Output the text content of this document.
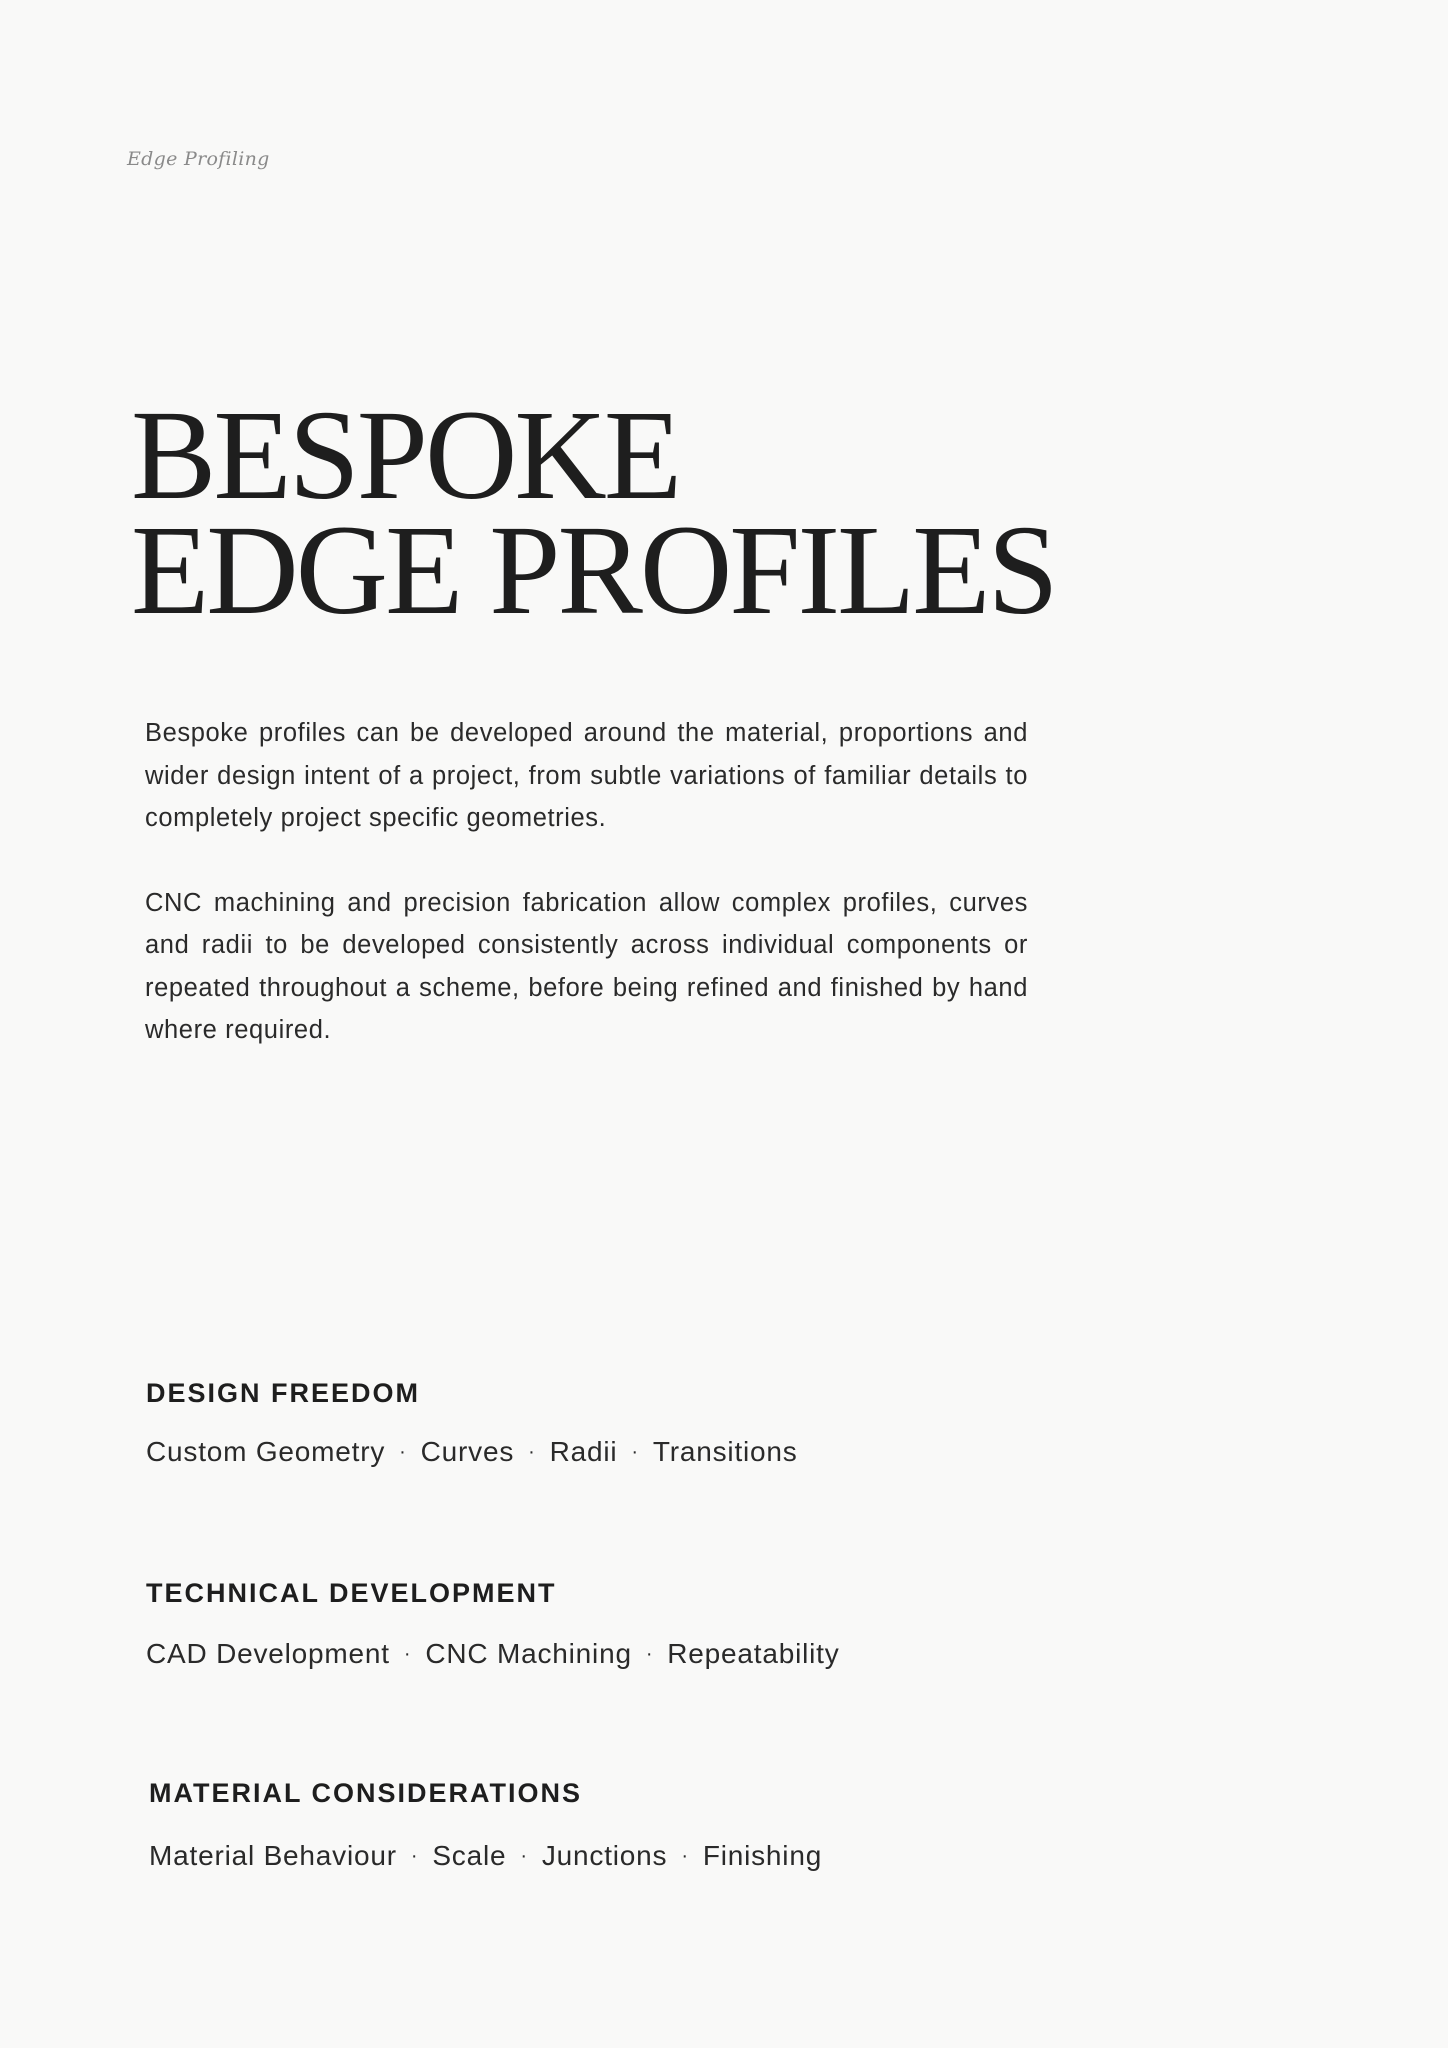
Edge Profiling

BESPOKE
EDGE PROFILES

Bespoke profiles can be developed around the material, proportions and wider design intent of a project, from subtle variations of familiar details to completely project specific geometries.

CNC machining and precision fabrication allow complex profiles, curves and radii to be developed consistently across individual components or repeated throughout a scheme, before being refined and finished by hand where required.

DESIGN FREEDOM

Custom Geometry · Curves · Radii · Transitions

TECHNICAL DEVELOPMENT

CAD Development · CNC Machining · Repeatability

MATERIAL CONSIDERATIONS

Material Behaviour · Scale · Junctions · Finishing
